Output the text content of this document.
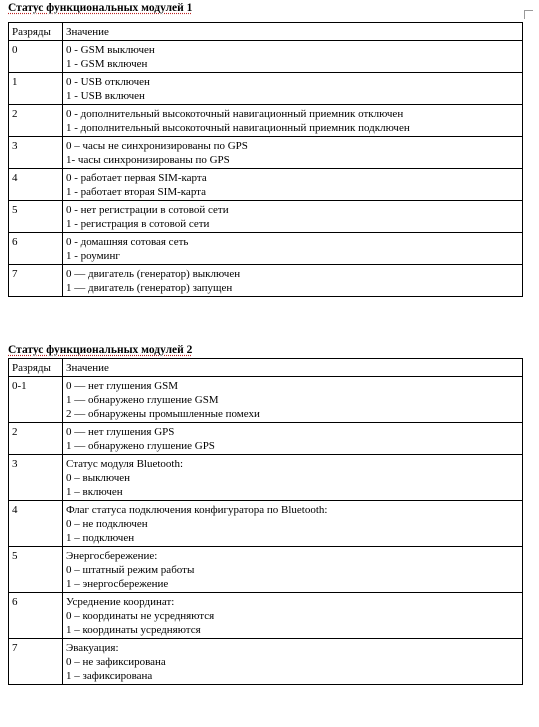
Статус функциональных модулей 1

Разряды	Значение
0	0 - GSM выключен
1 - GSM включен

1	0 - USB отключен
1 - USB включен

2	0 - дополнительный высокоточный навигационный приемник отключен
1 - дополнительный высокоточный навигационный приемник подключен

3	0 – часы не синхронизированы по GPS
1- часы синхронизированы по GPS

4	0 - работает первая SIM-карта
1 - работает вторая SIM-карта

5	0 - нет регистрации в сотовой сети
1 - регистрация в сотовой сети

6	0 - домашняя сотовая сеть
1 - роуминг

7	0 — двигатель (генератор) выключен
1 — двигатель (генератор) запущен

Статус функциональных модулей 2

Разряды	Значение
0-1	0 — нет глушения GSM
1 — обнаружено глушение GSM
2 — обнаружены промышленные помехи

2	0 — нет глушения GPS
1 — обнаружено глушение GPS

3	Статус модуля Bluetooth:
0 – выключен
1 – включен

4	Флаг статуса подключения конфигуратора по Bluetooth:
0 – не подключен
1 – подключен

5	Энергосбережение:
0 – штатный режим работы
1 – энергосбережение

6	Усреднение координат:
0 – координаты не усредняются
1 – координаты усредняются

7	Эвакуация:
0 – не зафиксирована
1 – зафиксирована
